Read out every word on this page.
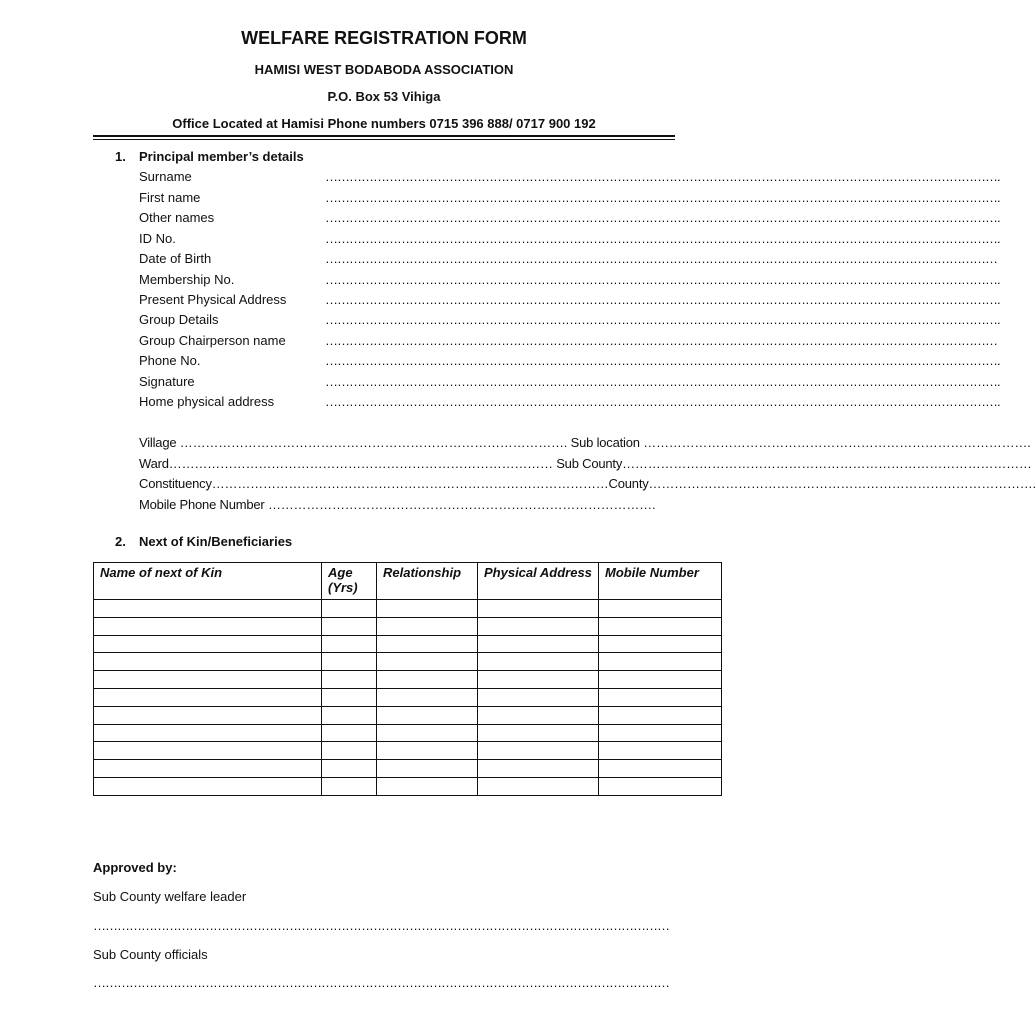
WELFARE REGISTRATION FORM
HAMISI WEST BODABODA ASSOCIATION
P.O. Box 53 Vihiga
Office Located at Hamisi Phone numbers 0715 396 888/ 0717 900 192
1. Principal member’s details
Surname	…………………………………………………………………………………………………………………………………………………….
First name	…………………………………………………………………………………………………………………………………………………….
Other names	…………………………………………………………………………………………………………………………………………………….
ID No.	…………………………………………………………………………………………………………………………………………………….
Date of Birth	……………………………………………………………………………………………………………………………………………………
Membership No.	…………………………………………………………………………………………………………………………………………………….
Present Physical Address	…………………………………………………………………………………………………………………………………………………….
Group Details	…………………………………………………………………………………………………………………………………………………….
Group Chairperson name	……………………………………………………………………………………………………………………………………………………
Phone No.	…………………………………………………………………………………………………………………………………………………….
Signature	…………………………………………………………………………………………………………………………………………………….
Home physical address	…………………………………………………………………………………………………………………………………………………….
Village ………………………………………………………………………………. Sub location ……………………………………………………………………………….
Ward……………………………………………………………………………… Sub County……………………………………………………………………………………
Constituency…………………………………………………………………………………County……………………………………………………………………………….
Mobile Phone Number ……………………………………………………………………………….
2. Next of Kin/Beneficiaries
Name of next of Kin	Age (Yrs)	Relationship	Physical Address	Mobile Number

Approved by:
Sub County welfare leader
………………………………………………………………………………………………………………………………
Sub County officials
………………………………………………………………………………………………………………………………
